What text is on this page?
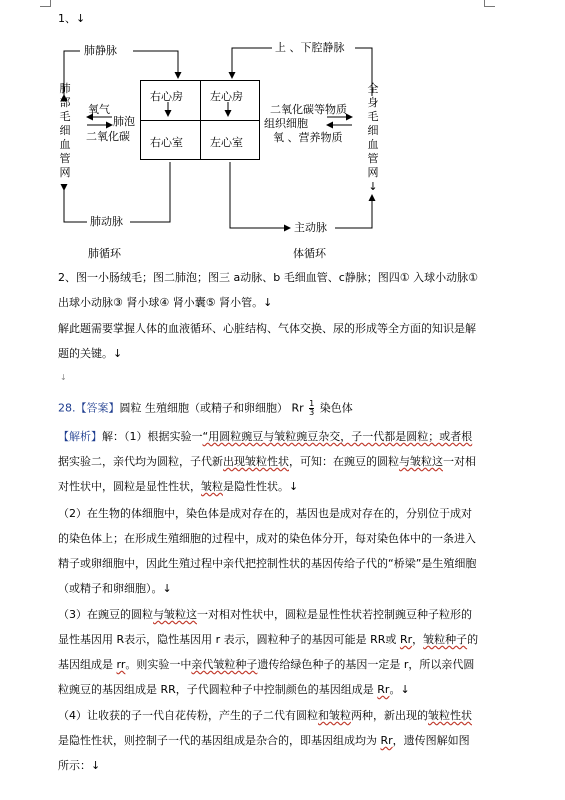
1、↓
肺静脉	上 、下腔静脉
肺部毛细血管网
全身毛细血管网↓
氧气
肺泡
二氧化碳
右心房 左心房
右心室 左心室
二氧化碳等物质
组织细胞
氧 、营养物质
肺动脉	主动脉
肺循环	体循环
2、图一小肠绒毛；图二肺泡；图三 a动脉、b 毛细血管、c静脉；图四① 入球小动脉①
出球小动脉③ 肾小球④ 肾小囊⑤ 肾小管。↓
解此题需要掌握人体的血液循环、心脏结构、气体交换、尿的形成等全方面的知识是解
题的关键。↓
↓
28.【答案】圆粒 生殖细胞（或精子和卵细胞） Rr $\frac{1}{3}$ 染色体
【解析】解：（1）根据实验一“用圆粒豌豆与皱粒豌豆杂交，子一代都是圆粒；或者根
据实验二，亲代均为圆粒，子代新出现皱粒性状，可知：在豌豆的圆粒与皱粒这一对相
对性状中，圆粒是显性性状，皱粒是隐性性状。↓
（2）在生物的体细胞中，染色体是成对存在的，基因也是成对存在的，分别位于成对
的染色体上；在形成生殖细胞的过程中，成对的染色体分开，每对染色体中的一条进入
精子或卵细胞中，因此生殖过程中亲代把控制性状的基因传给子代的“桥梁”是生殖细胞
（或精子和卵细胞）。↓
（3）在豌豆的圆粒与皱粒这一对相对性状中，圆粒是显性性状若控制豌豆种子粒形的
显性基因用 R表示，隐性基因用 r 表示，圆粒种子的基因可能是 RR或 Rr，皱粒种子的
基因组成是 rr。则实验一中亲代皱粒种子遗传给绿色种子的基因一定是 r，所以亲代圆
粒豌豆的基因组成是 RR，子代圆粒种子中控制颜色的基因组成是 Rr。↓
（4）让收获的子一代自花传粉，产生的子二代有圆粒和皱粒两种，新出现的皱粒性状
是隐性性状，则控制子一代的基因组成是杂合的，即基因组成均为 Rr，遗传图解如图
所示：↓
